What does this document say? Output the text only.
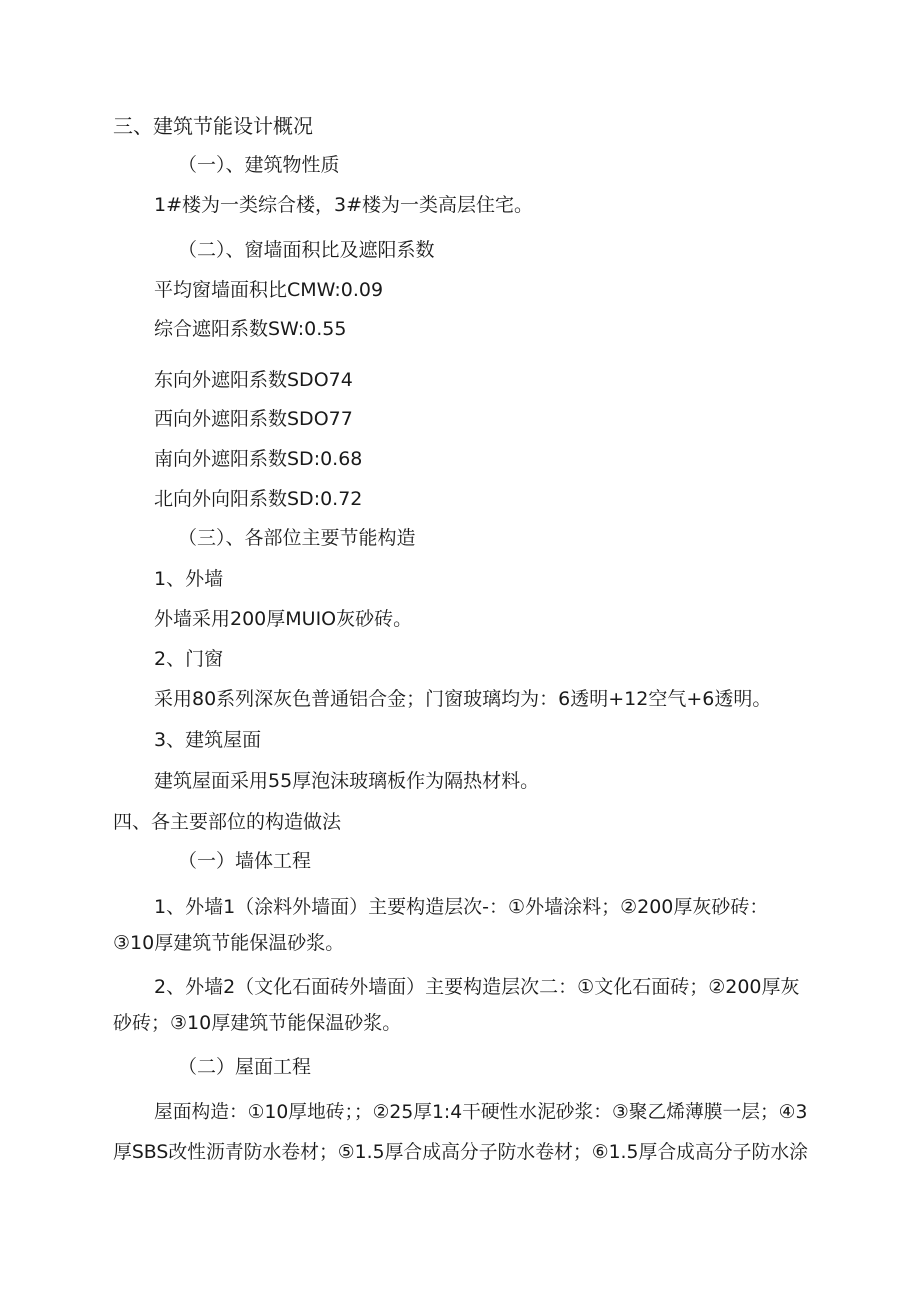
三、建筑节能设计概况

（一）、建筑物性质

1#楼为一类综合楼，3#楼为一类高层住宅。

（二）、窗墙面积比及遮阳系数

平均窗墙面积比CMW:0.09

综合遮阳系数SW:0.55

东向外遮阳系数SDO74

西向外遮阳系数SDO77

南向外遮阳系数SD:0.68

北向外向阳系数SD:0.72

（三）、各部位主要节能构造

1、外墙

外墙采用200厚MUIO灰砂砖。

2、门窗

采用80系列深灰色普通铝合金；门窗玻璃均为：6透明+12空气+6透明。

3、建筑屋面

建筑屋面采用55厚泡沫玻璃板作为隔热材料。

四、各主要部位的构造做法

（一）墙体工程

1、外墙1（涂料外墙面）主要构造层次-：①外墙涂料；②200厚灰砂砖：

③10厚建筑节能保温砂浆。

2、外墙2（文化石面砖外墙面）主要构造层次二：①文化石面砖；②200厚灰

砂砖；③10厚建筑节能保温砂浆。

（二）屋面工程

屋面构造：①10厚地砖；；②25厚1:4干硬性水泥砂浆：③聚乙烯薄膜一层；④3

厚SBS改性沥青防水卷材；⑤1.5厚合成高分子防水卷材；⑥1.5厚合成高分子防水涂
